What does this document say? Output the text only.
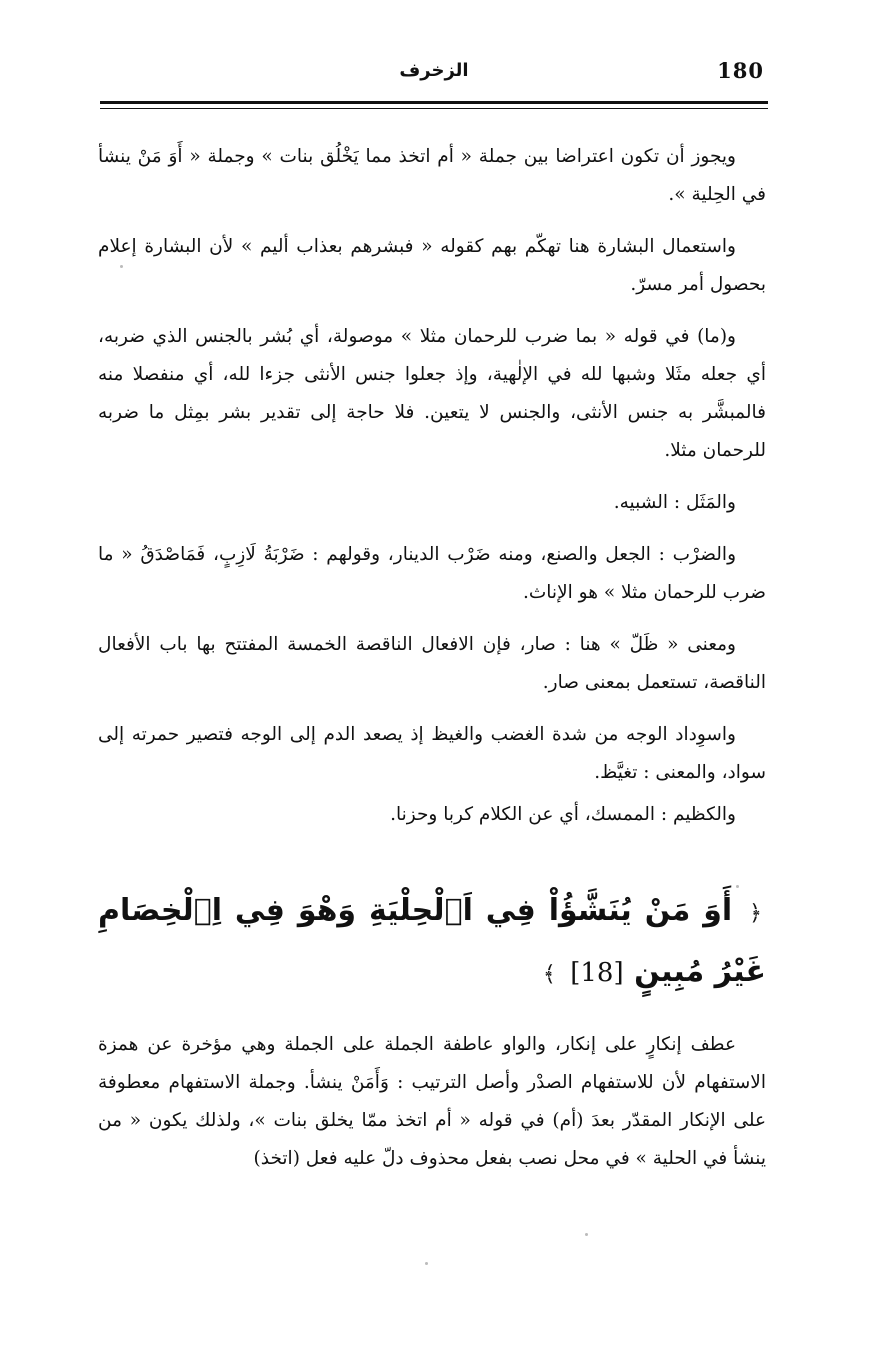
180
الزخرف

ويجوز أن تكون اعتراضا بين جملة « أم اتخذ مما يَخْلُق بنات » وجملة « أَوَ مَنْ ينشأ في الحِلية ».

واستعمال البشارة هنا تهكّم بهم كقوله « فبشرهم بعذاب أليم » لأن البشارة إعلام بحصول أمر مسرّ.

و(ما) في قوله « بما ضرب للرحمان مثلا » موصولة، أي بُشر بالجنس الذي ضربه، أي جعله مثَلا وشبها لله في الإلٰهية، وإذ جعلوا جنس الأنثى جزءا لله، أي منفصلا منه فالمبشَّر به جنس الأنثى، والجنس لا يتعين. فلا حاجة إلى تقدير بشر بمِثل ما ضربه للرحمان مثلا.

والمَثَل : الشبيه.

والضرْب : الجعل والصنع، ومنه ضَرْب الدينار، وقولهم : ضَرْبَةُ لَازِبٍ، فَمَاصْدَقُ « ما ضرب للرحمان مثلا » هو الإناث.

ومعنى « ظَلّ » هنا : صار، فإن الافعال الناقصة الخمسة المفتتح بها باب الأفعال الناقصة، تستعمل بمعنى صار.

واسوِداد الوجه من شدة الغضب والغيظ إذ يصعد الدم إلى الوجه فتصير حمرته إلى سواد، والمعنى : تغيَّظ.

والكظيم : الممسك، أي عن الكلام كربا وحزنا.

﴿ أَوَ مَنْ يُنَشَّؤُاْ فِي اَ۬لْحِلْيَةِ وَهْوَ فِي اِ۬لْخِصَامِ غَيْرُ مُبِينٍ [18] ﴾

عطف إنكارٍ على إنكار، والواو عاطفة الجملة على الجملة وهي مؤخرة عن همزة الاستفهام لأن للاستفهام الصدْر وأصل الترتيب : وَأَمَنْ ينشأ. وجملة الاستفهام معطوفة على الإنكار المقدّر بعدَ (أم) في قوله « أم اتخذ ممّا يخلق بنات »، ولذلك يكون « من ينشأ في الحلية » في محل نصب بفعل محذوف دلّ عليه فعل (اتخذ)
